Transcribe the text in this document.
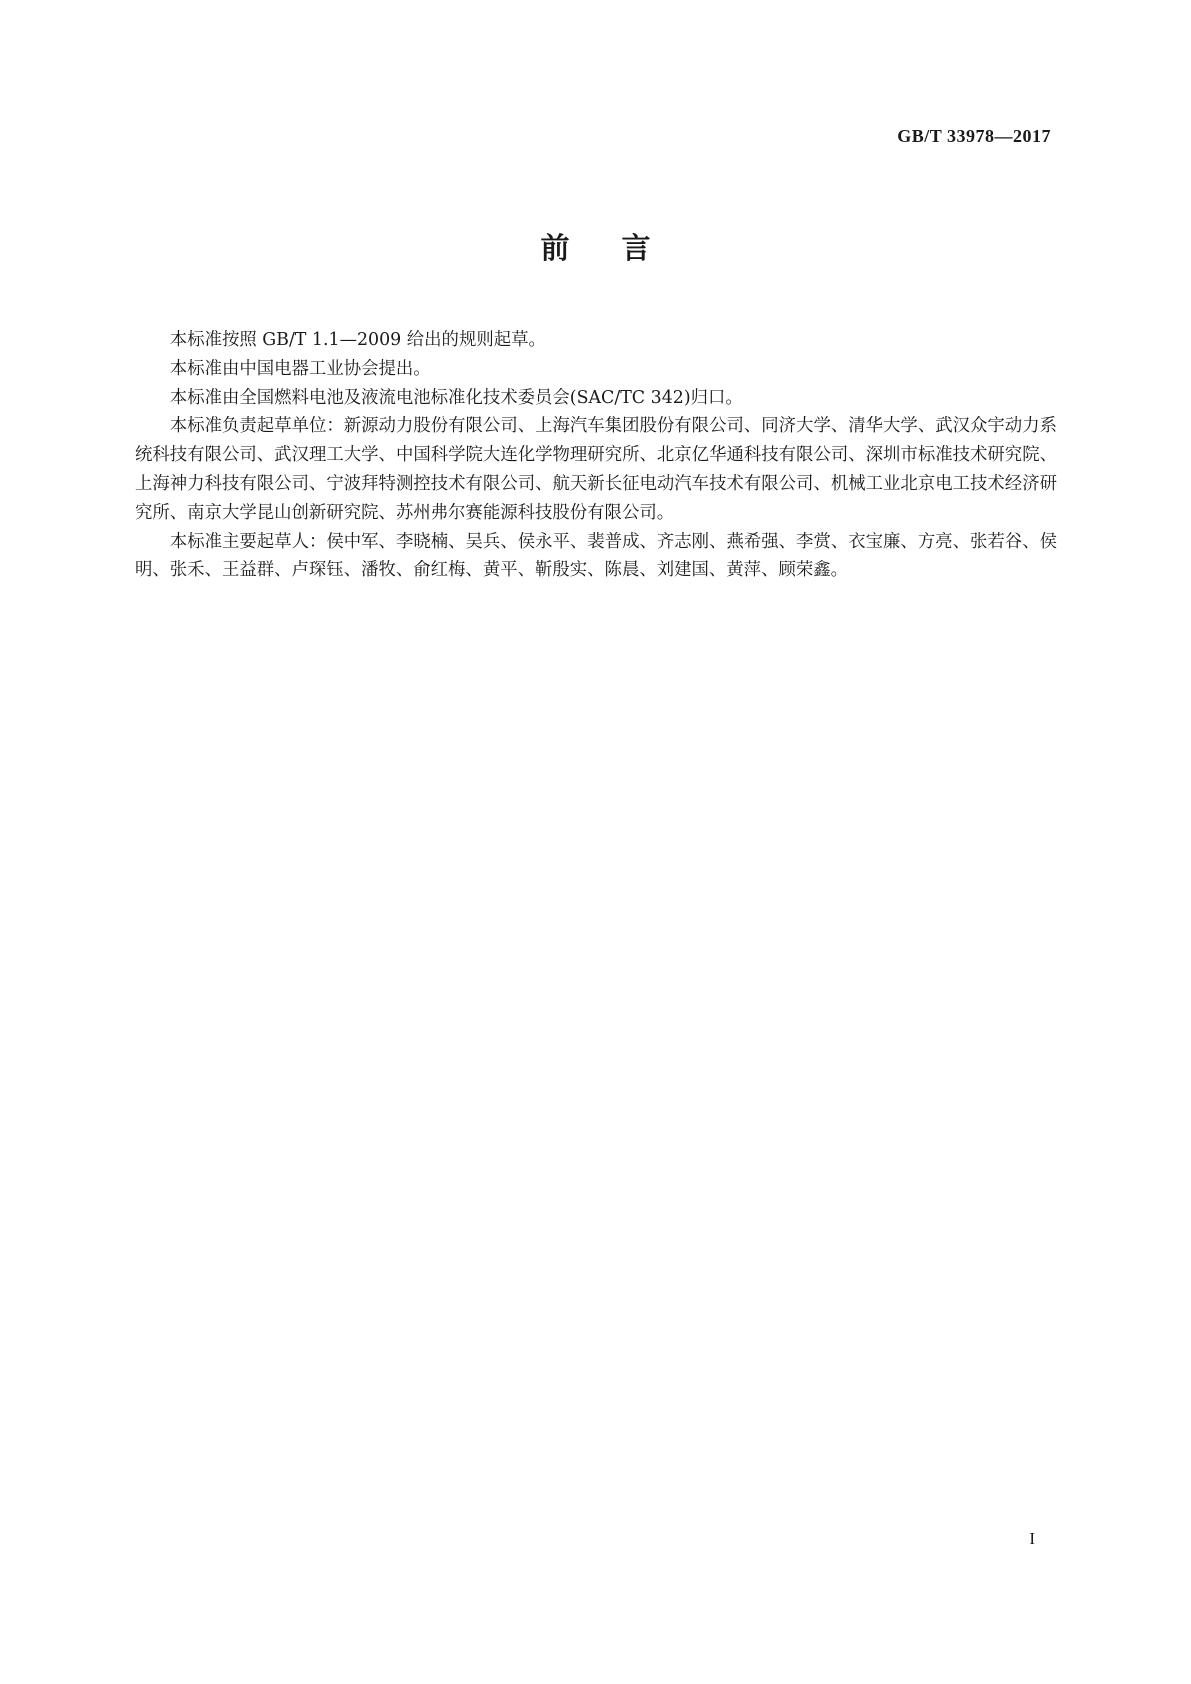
GB/T 33978—2017
前言

本标准按照 GB/T 1.1—2009 给出的规则起草。

本标准由中国电器工业协会提出。

本标准由全国燃料电池及液流电池标准化技术委员会(SAC/TC 342)归口。

本标准负责起草单位：新源动力股份有限公司、上海汽车集团股份有限公司、同济大学、清华大学、武汉众宇动力系统科技有限公司、武汉理工大学、中国科学院大连化学物理研究所、北京亿华通科技有限公司、深圳市标准技术研究院、上海神力科技有限公司、宁波拜特测控技术有限公司、航天新长征电动汽车技术有限公司、机械工业北京电工技术经济研究所、南京大学昆山创新研究院、苏州弗尔赛能源科技股份有限公司。

本标准主要起草人：侯中军、李晓楠、吴兵、侯永平、裴普成、齐志刚、燕希强、李赏、衣宝廉、方亮、张若谷、侯明、张禾、王益群、卢琛钰、潘牧、俞红梅、黄平、靳殷实、陈晨、刘建国、黄萍、顾荣鑫。

I
